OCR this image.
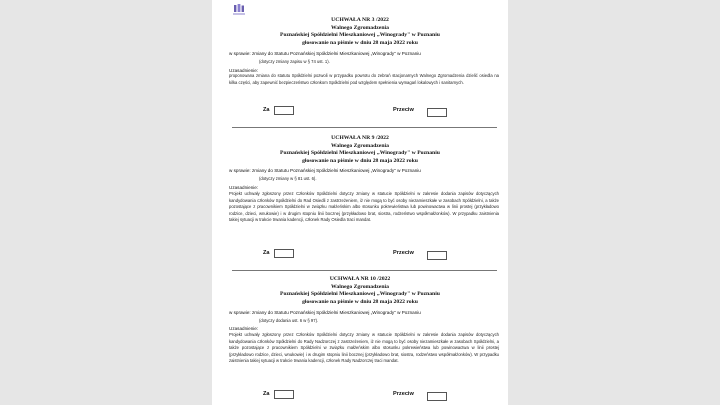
UCHWAŁA NR 3 /2022
Walnego Zgromadzenia
Poznańskiej Spółdzielni Mieszkaniowej „Winogrady" w Poznaniu
głosowanie na piśmie w dniu 28 maja 2022 roku
w sprawie: zmiany do Statutu Poznańskiej Spółdzielni Mieszkaniowej „Winogrady" w Poznaniu
(dotyczy zmiany zapisu w § 74 ust. 1).
Uzasadnienie:
proponowana zmiana do statutu Spółdzielni pozwoli w przypadku powrotu do zebrań stacjonarnych Walnego Zgromadzenia dzielić osiedla na kilka części, aby zapewnić bezpieczeństwo członkom Spółdzielni pod względem spełnienia wymagań lokalowych i sanitarnych.
Za	Przeciw
UCHWAŁA NR 9 /2022
Walnego Zgromadzenia
Poznańskiej Spółdzielni Mieszkaniowej „Winogrady" w Poznaniu
głosowanie na piśmie w dniu 28 maja 2022 roku
w sprawie: zmiany do Statutu Poznańskiej Spółdzielni Mieszkaniowej „Winogrady" w Poznaniu
(dotyczy zmiany w § 81 ust. 6).
Uzasadnienie:
Projekt uchwały zgłoszony przez Członków Spółdzielni dotyczy zmiany w statucie Spółdzielni w zakresie dodania zapisów dotyczących kandydowania członków Spółdzielni do Rad Osiedli z zastrzeżeniem, iż nie mogą to być osoby niezamieszkałe w zasobach Spółdzielni, a także pozostające z pracownikiem Spółdzielni w związku małżeńskim albo stosunku pokrewieństwa lub powinowactwa w linii prostej (przykładowo rodzice, dzieci, wnukowie) i w drugim stopniu linii bocznej (przykładowo brat, siostra, rodzeństwo współmałżonków). W przypadku zaistnienia takiej sytuacji w trakcie trwania kadencji, członek Rady Osiedla traci mandat.
Za	Przeciw
UCHWAŁA NR 10 /2022
Walnego Zgromadzenia
Poznańskiej Spółdzielni Mieszkaniowej „Winogrady" w Poznaniu
głosowanie na piśmie w dniu 28 maja 2022 roku
w sprawie: zmiany do Statutu Poznańskiej Spółdzielni Mieszkaniowej „Winogrady" w Poznaniu
(dotyczy dodania ust. 6 w § 97).
Uzasadnienie:
Projekt uchwały zgłoszony przez Członków Spółdzielni dotyczy zmiany w statucie Spółdzielni w zakresie dodania zapisów dotyczących kandydowania członków Spółdzielni do Rady Nadzorczej z zastrzeżeniem, iż nie mogą to być osoby niezamieszkałe w zasobach Spółdzielni, a także pozostające z pracownikiem Spółdzielni w związku małżeńskim albo stosunku pokrewieństwa lub powinowactwa w linii prostej (przykładowo rodzice, dzieci, wnukowie) i w drugim stopniu linii bocznej (przykładowo brat, siostra, rodzeństwo współmałżonków). W przypadku zaistnienia takiej sytuacji w trakcie trwania kadencji, członek Rady Nadzorczej traci mandat.
Za	Przeciw
